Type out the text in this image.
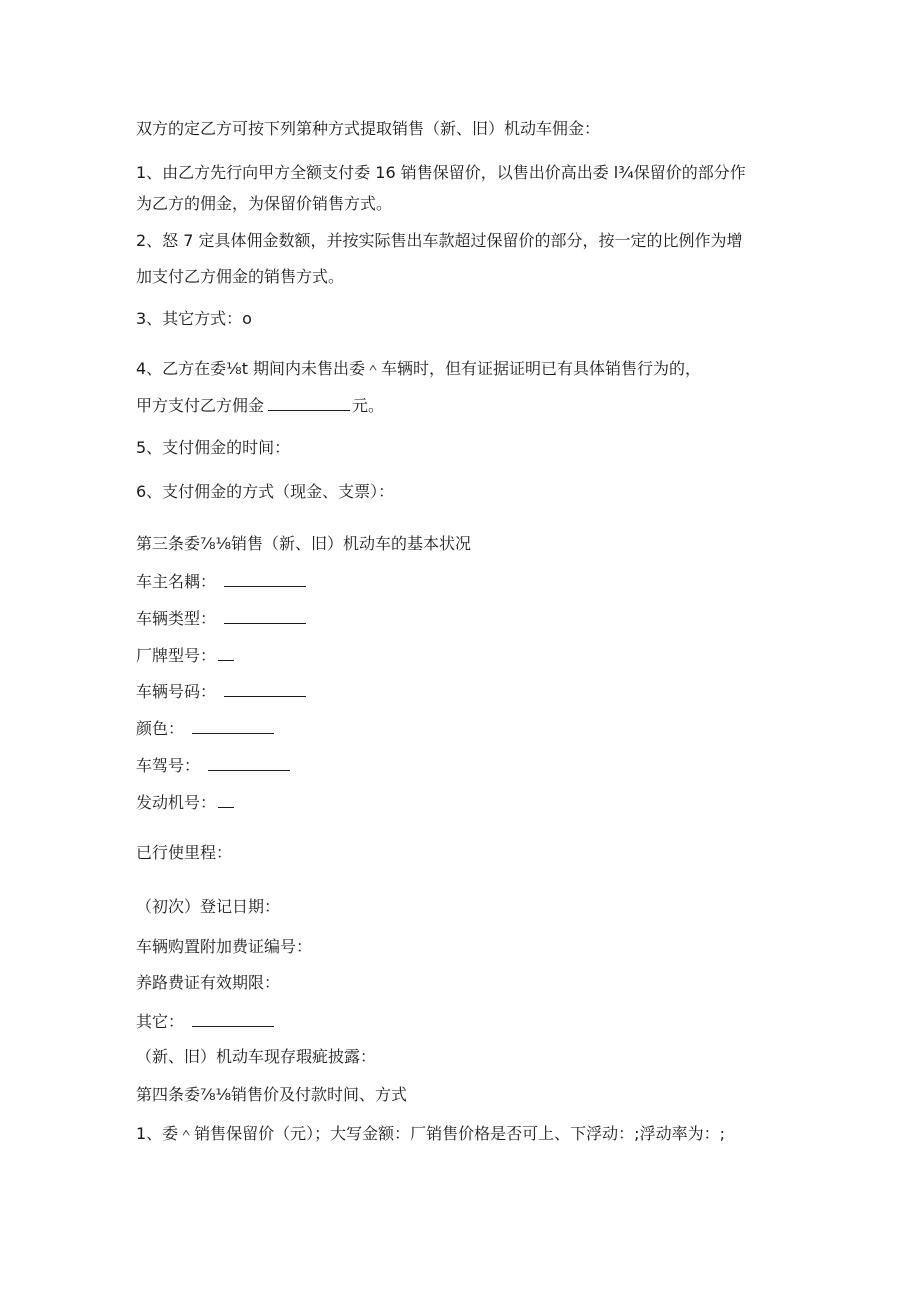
双方的定乙方可按下列第种方式提取销售（新、旧）机动车佣金：
1、由乙方先行向甲方全额支付委 16 销售保留价，以售出价高出委 l¾保留价的部分作
为乙方的佣金，为保留价销售方式。
2、怒 7 定具体佣金数额，并按实际售出车款超过保留价的部分，按一定的比例作为增
加支付乙方佣金的销售方式。
3、其它方式：o
4、乙方在委⅛t 期间内未售出委＾车辆时，但有证据证明已有具体销售行为的，
甲方支付乙方佣金	元。
5、支付佣金的时间：
6、支付佣金的方式（现金、支票）：
第三条委⅞⅛销售（新、旧）机动车的基本状况
车主名耦：
车辆类型：
厂牌型号：
车辆号码：
颜色：
车驾号：
发动机号：
已行使里程：
（初次）登记日期：
车辆购置附加费证编号：
养路费证有效期限：
其它：
（新、旧）机动车现存瑕疵披露：
第四条委⅞⅛销售价及付款时间、方式
1、委＾销售保留价（元）；大写金额：厂销售价格是否可上、下浮动：;浮动率为：;
